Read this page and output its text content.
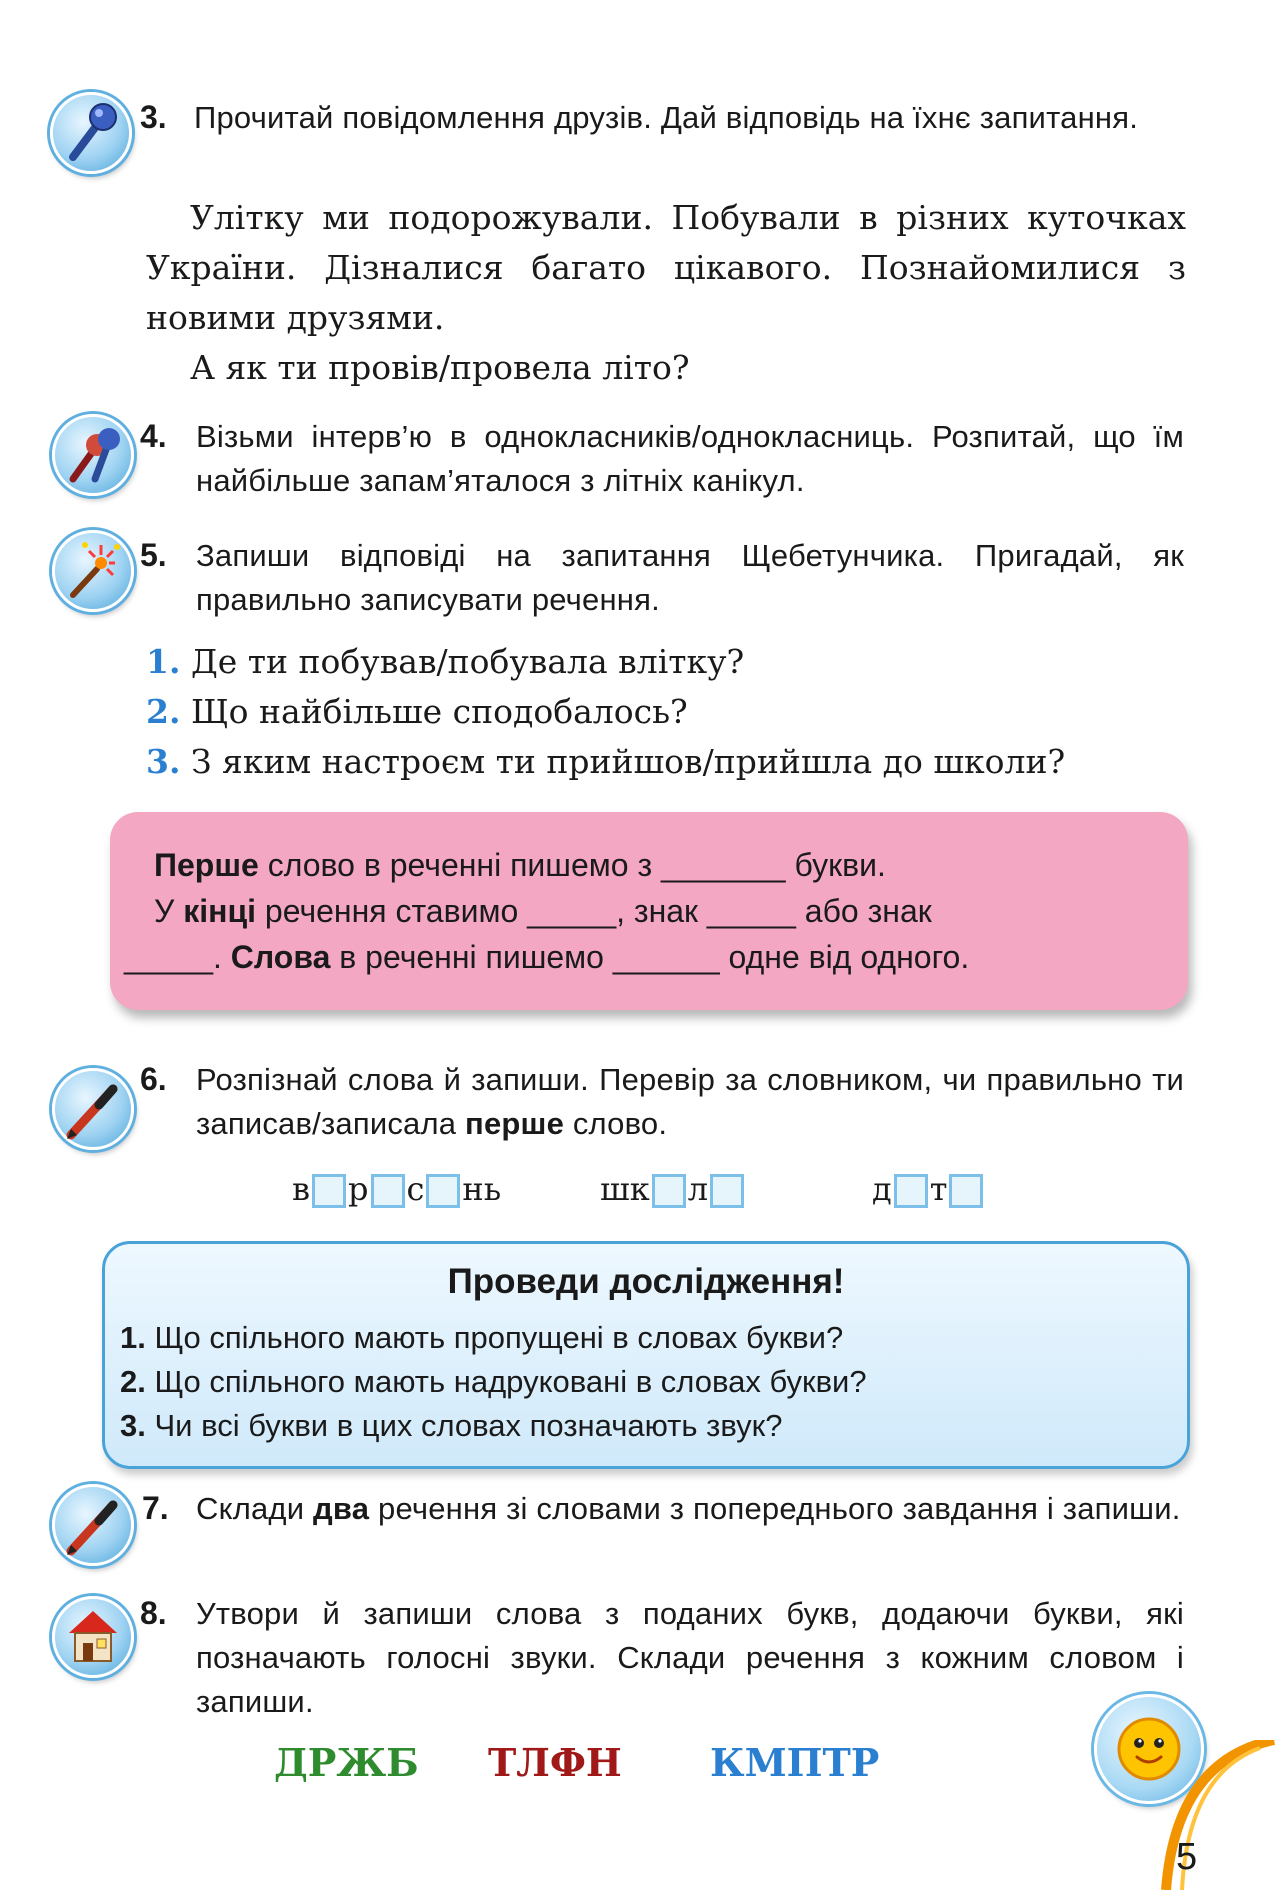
3. Прочитай повідомлення друзів. Дай відповідь на їхнє запитання.
Улітку ми подорожували. Побували в різних куточках України. Дізналися багато цікавого. Познайомилися з новими друзями.
А як ти провів/провела літо?
4. Візьми інтерв’ю в однокласників/однокласниць. Розпитай, що їм найбільше запам’яталося з літніх канікул.
5. Запиши відповіді на запитання Щебетунчика. Пригадай, як правильно записувати речення.
1. Де ти побував/побувала влітку?
2. Що найбільше сподобалось?
3. З яким настроєм ти прийшов/прийшла до школи?
Перше слово в реченні пишемо з _______ букви.
У кінці речення ставимо _____, знак _____ або знак
_____. Слова в реченні пишемо ______ одне від одного.
6. Розпізнай слова й запиши. Перевір за словником, чи правильно ти записав/записала перше слово.
в р с нь	шк л	д т
Проведи дослідження!
1. Що спільного мають пропущені в словах букви?
2. Що спільного мають надруковані в словах букви?
3. Чи всі букви в цих словах позначають звук?
7. Склади два речення зі словами з попереднього завдання і запиши.
8. Утвори й запиши слова з поданих букв, додаючи букви, які позначають голосні звуки. Склади речення з кожним словом і запиши.
ДРЖБ ТЛФН КМПТР
5
